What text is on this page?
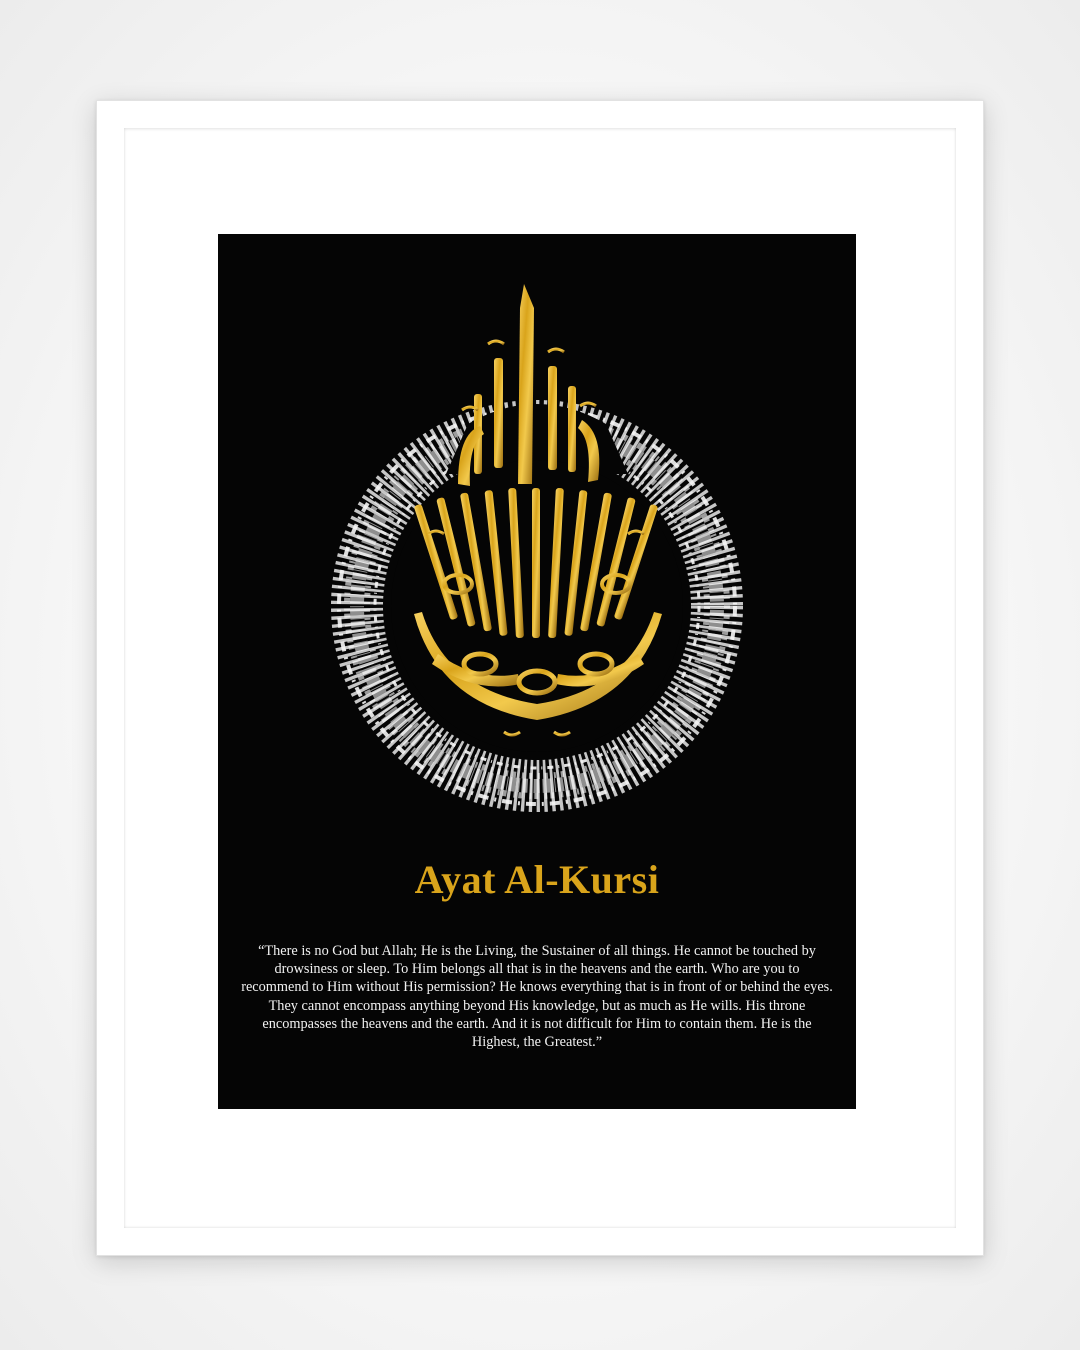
Ayat Al-Kursi

“There is no God but Allah; He is the Living, the Sustainer of all things. He cannot be touched by drowsiness or sleep. To Him belongs all that is in the heavens and the earth. Who are you to recommend to Him without His permission? He knows everything that is in front of or behind the eyes. They cannot encompass anything beyond His knowledge, but as much as He wills. His throne encompasses the heavens and the earth. And it is not difficult for Him to contain them. He is the Highest, the Greatest.”
